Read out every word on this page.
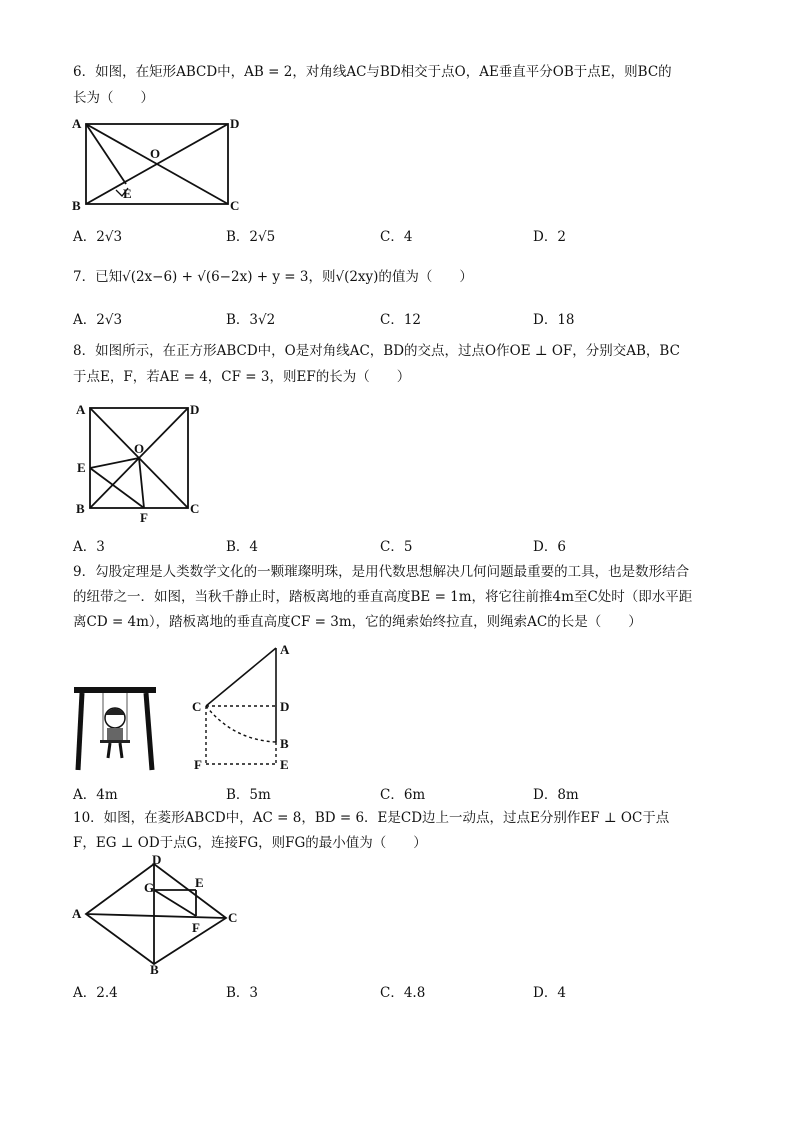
6．如图，在矩形ABCD中，AB = 2，对角线AC与BD相交于点O，AE垂直平分OB于点E，则BC的
长为（　　）
A	D
O
E
B	C
A．2√3	B．2√5	C．4	D．2
7．已知√(2x−6) + √(6−2x) + y = 3，则√(2xy)的值为（　　）
A．2√3	B．3√2	C．12	D．18
8．如图所示，在正方形ABCD中，O是对角线AC，BD的交点，过点O作OE ⊥ OF，分别交AB，BC
于点E，F，若AE = 4，CF = 3，则EF的长为（　　）
A	D
O
E
B	C
F
A．3	B．4	C．5	D．6
9．勾股定理是人类数学文化的一颗璀璨明珠，是用代数思想解决几何问题最重要的工具，也是数形结合
的纽带之一．如图，当秋千静止时，踏板离地的垂直高度BE = 1m，将它往前推4m至C处时（即水平距
离CD = 4m），踏板离地的垂直高度CF = 3m，它的绳索始终拉直，则绳索AC的长是（　　）
A
C	D
B
F	E
A．4m	B．5m	C．6m	D．8m
10．如图，在菱形ABCD中，AC = 8，BD = 6．E是CD边上一动点，过点E分别作EF ⊥ OC于点
F，EG ⊥ OD于点G，连接FG，则FG的最小值为（　　）
D
G	E
A	C
F
B
A．2.4	B．3	C．4.8	D．4
